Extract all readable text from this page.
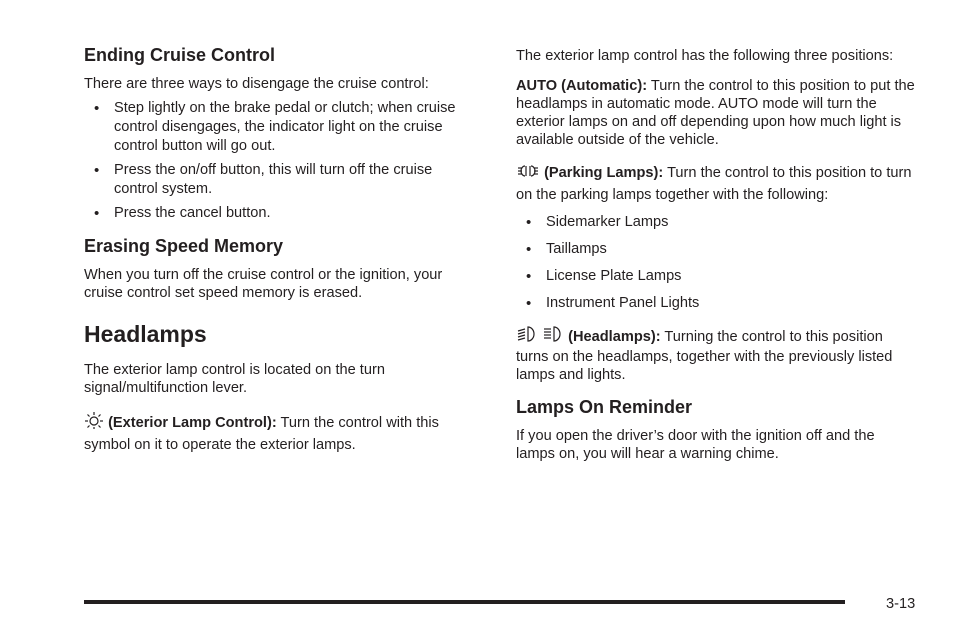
Ending Cruise Control

There are three ways to disengage the cruise control:

• Step lightly on the brake pedal or clutch; when cruise control disengages, the indicator light on the cruise control button will go out.
• Press the on/off button, this will turn off the cruise control system.
• Press the cancel button.
Erasing Speed Memory

When you turn off the cruise control or the ignition, your cruise control set speed memory is erased.

Headlamps

The exterior lamp control is located on the turn signal/multifunction lever.

(Exterior Lamp Control): Turn the control with this symbol on it to operate the exterior lamps.

The exterior lamp control has the following three positions:

AUTO (Automatic): Turn the control to this position to put the headlamps in automatic mode. AUTO mode will turn the exterior lamps on and off depending upon how much light is available outside of the vehicle.

(Parking Lamps): Turn the control to this position to turn on the parking lamps together with the following:

• Sidemarker Lamps
• Taillamps
• License Plate Lamps
• Instrument Panel Lights

(Headlamps): Turning the control to this position turns on the headlamps, together with the previously listed lamps and lights.

Lamps On Reminder

If you open the driver’s door with the ignition off and the lamps on, you will hear a warning chime.

3-13
